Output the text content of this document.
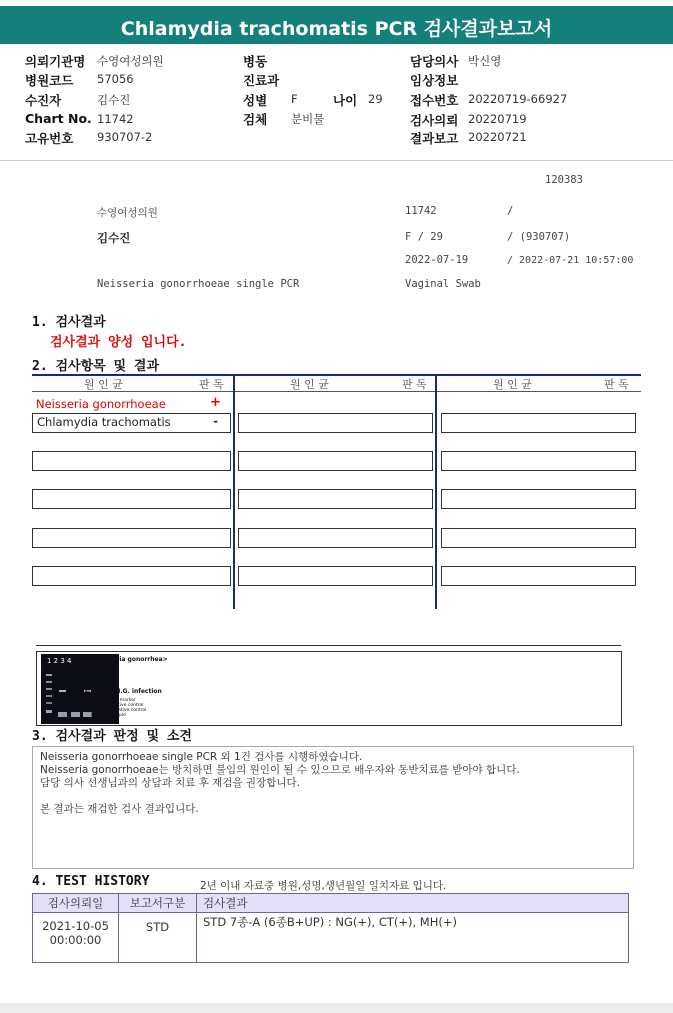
Chlamydia trachomatis PCR 검사결과보고서
의뢰기관명 수영여성의원
병원코드 57056
수진자	김수진
Chart No. 11742
고유번호 930707-2
병동
진료과
성별 F	나이 29
검체 분비물
담당의사 박신영
임상정보
접수번호 20220719-66927
검사의뢰 20220719
결과보고 20220721
120383
수영여성의원	11742	/
김수진	F / 29	/ (930707)
2022-07-19	/ 2022-07-21 10:57:00
Neisseria gonorrhoeae single PCR	Vaginal Swab
1. 검사결과
검사결과 양성 입니다.
2. 검사항목 및 결과
원 인 균	판 독	원 인 균	판 독	원 인 균	판 독
Neisseria gonorrhoeae	+
Chlamydia trachomatis	-
1 2 3 4	<Neisseria gonorrhea>
← 455bp N.G. infection
Lane 1: Size marker
Lane 2: Positive control
Lane 3: Negative control
Lane 4: Sample
3. 검사결과 판정 및 소견
Neisseria gonorrhoeae single PCR 외 1건 검사를 시행하였습니다.
Neisseria gonorrhoeae는 방치하면 불임의 원인이 될 수 있으므로 배우자와 동반치료를 받아야 합니다.
담당 의사 선생님과의 상담과 치료 후 재검을 권장합니다.
본 결과는 재검한 검사 결과입니다.
4. TEST HISTORY	2년 이내 자료중 병원,성명,생년월일 일치자료 입니다.
검사의뢰일	보고서구분	검사결과

2021-10-05
00:00:00	STD	STD 7종-A (6종B+UP) : NG(+), CT(+), MH(+)
